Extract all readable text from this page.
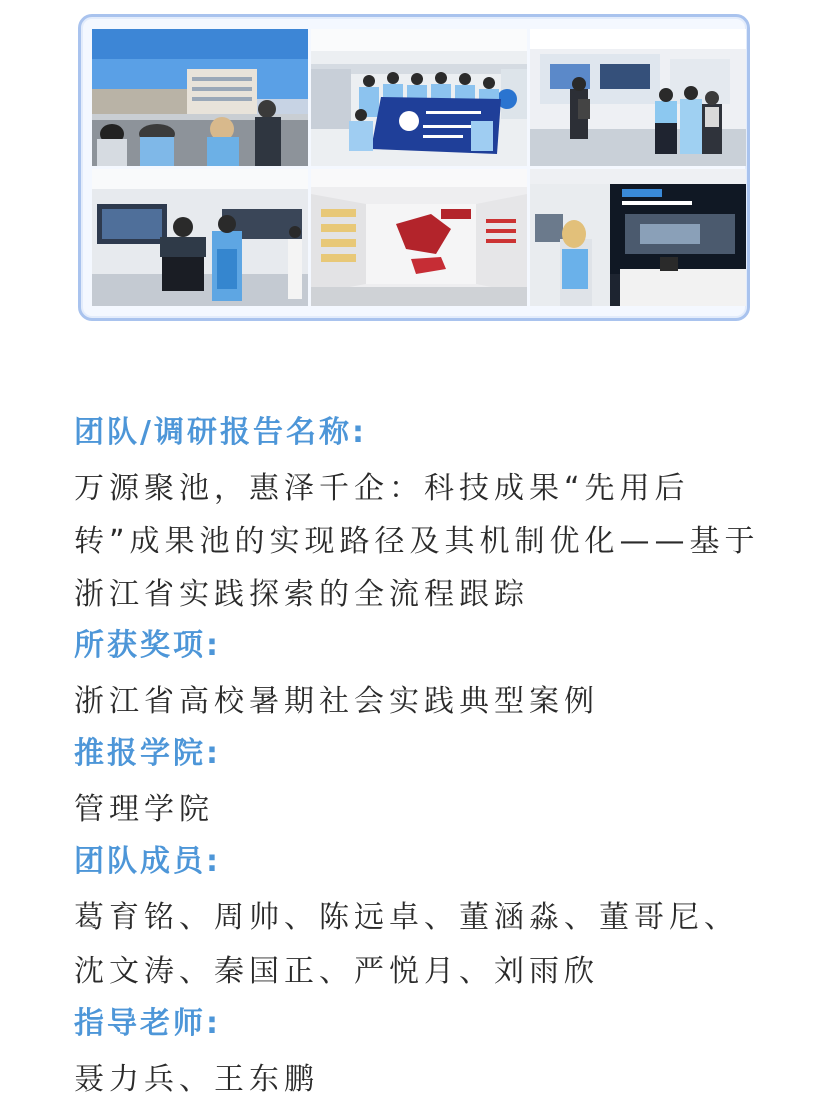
团队/调研报告名称:
万源聚池，惠泽千企：科技成果“先用后转”成果池的实现路径及其机制优化——基于浙江省实践探索的全流程跟踪
所获奖项:
浙江省高校暑期社会实践典型案例
推报学院:
管理学院
团队成员:
葛育铭、周帅、陈远卓、董涵淼、董哥尼、沈文涛、秦国正、严悦月、刘雨欣
指导老师:
聂力兵、王东鹏
